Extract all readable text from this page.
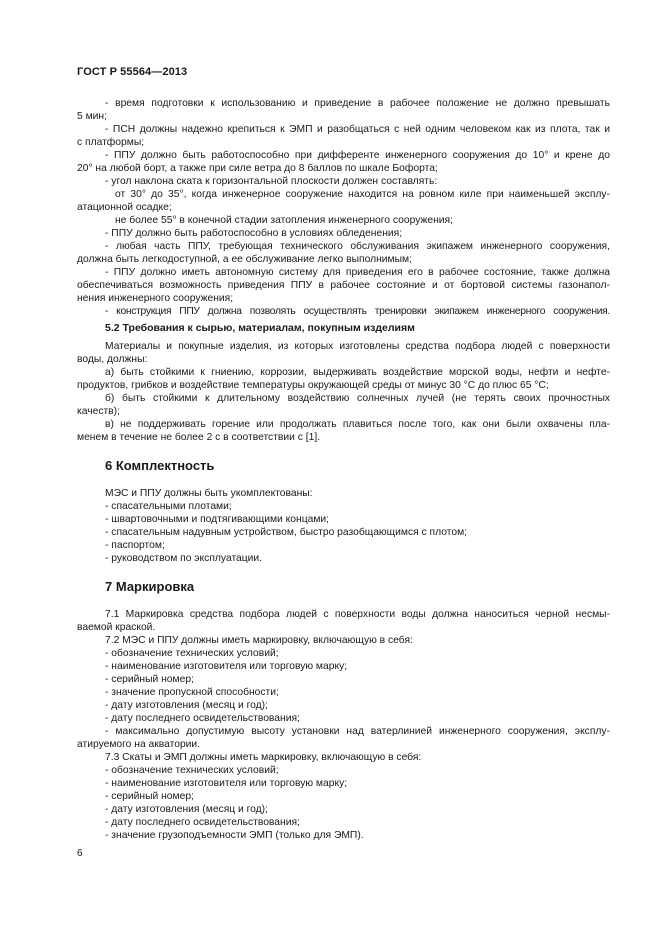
ГОСТ Р 55564—2013
- время подготовки к использованию и приведение в рабочее положение не должно превышать
5 мин;
- ПСН должны надежно крепиться к ЭМП и разобщаться с ней одним человеком как из плота, так и
с платформы;
- ППУ должно быть работоспособно при дифференте инженерного сооружения до 10° и крене до
20° на любой борт, а также при силе ветра до 8 баллов по шкале Бофорта;
- угол наклона ската к горизонтальной плоскости должен составлять:
от 30° до 35°, когда инженерное сооружение находится на ровном киле при наименьшей эксплу-
атационной осадке;
не более 55° в конечной стадии затопления инженерного сооружения;
- ППУ должно быть работоспособно в условиях обледенения;
- любая часть ППУ, требующая технического обслуживания экипажем инженерного сооружения,
должна быть легкодоступной, а ее обслуживание легко выполнимым;
- ППУ должно иметь автономную систему для приведения его в рабочее состояние, также должна
обеспечиваться возможность приведения ППУ в рабочее состояние и от бортовой системы газонапол-
нения инженерного сооружения;
- конструкция ППУ должна позволять осуществлять тренировки экипажем инженерного сооружения.
5.2 Требования к сырью, материалам, покупным изделиям
Материалы и покупные изделия, из которых изготовлены средства подбора людей с поверхности
воды, должны:
а) быть стойкими к гниению, коррозии, выдерживать воздействие морской воды, нефти и нефте-
продуктов, грибков и воздействие температуры окружающей среды от минус 30 °С до плюс 65 °С;
б) быть стойкими к длительному воздействию солнечных лучей (не терять своих прочностных
качеств);
в) не поддерживать горение или продолжать плавиться после того, как они были охвачены пла-
менем в течение не более 2 с в соответствии с [1].
6 Комплектность
МЭС и ППУ должны быть укомплектованы:
- спасательными плотами;
- швартовочными и подтягивающими концами;
- спасательным надувным устройством, быстро разобщающимся с плотом;
- паспортом;
- руководством по эксплуатации.
7 Маркировка
7.1 Маркировка средства подбора людей с поверхности воды должна наноситься черной несмы-
ваемой краской.
7.2 МЭС и ППУ должны иметь маркировку, включающую в себя:
- обозначение технических условий;
- наименование изготовителя или торговую марку;
- серийный номер;
- значение пропускной способности;
- дату изготовления (месяц и год);
- дату последнего освидетельствования;
- максимально допустимую высоту установки над ватерлинией инженерного сооружения, эксплу-
атируемого на акватории.
7.3 Скаты и ЭМП должны иметь маркировку, включающую в себя:
- обозначение технических условий;
- наименование изготовителя или торговую марку;
- серийный номер;
- дату изготовления (месяц и год);
- дату последнего освидетельствования;
- значение грузоподъемности ЭМП (только для ЭМП).
6
